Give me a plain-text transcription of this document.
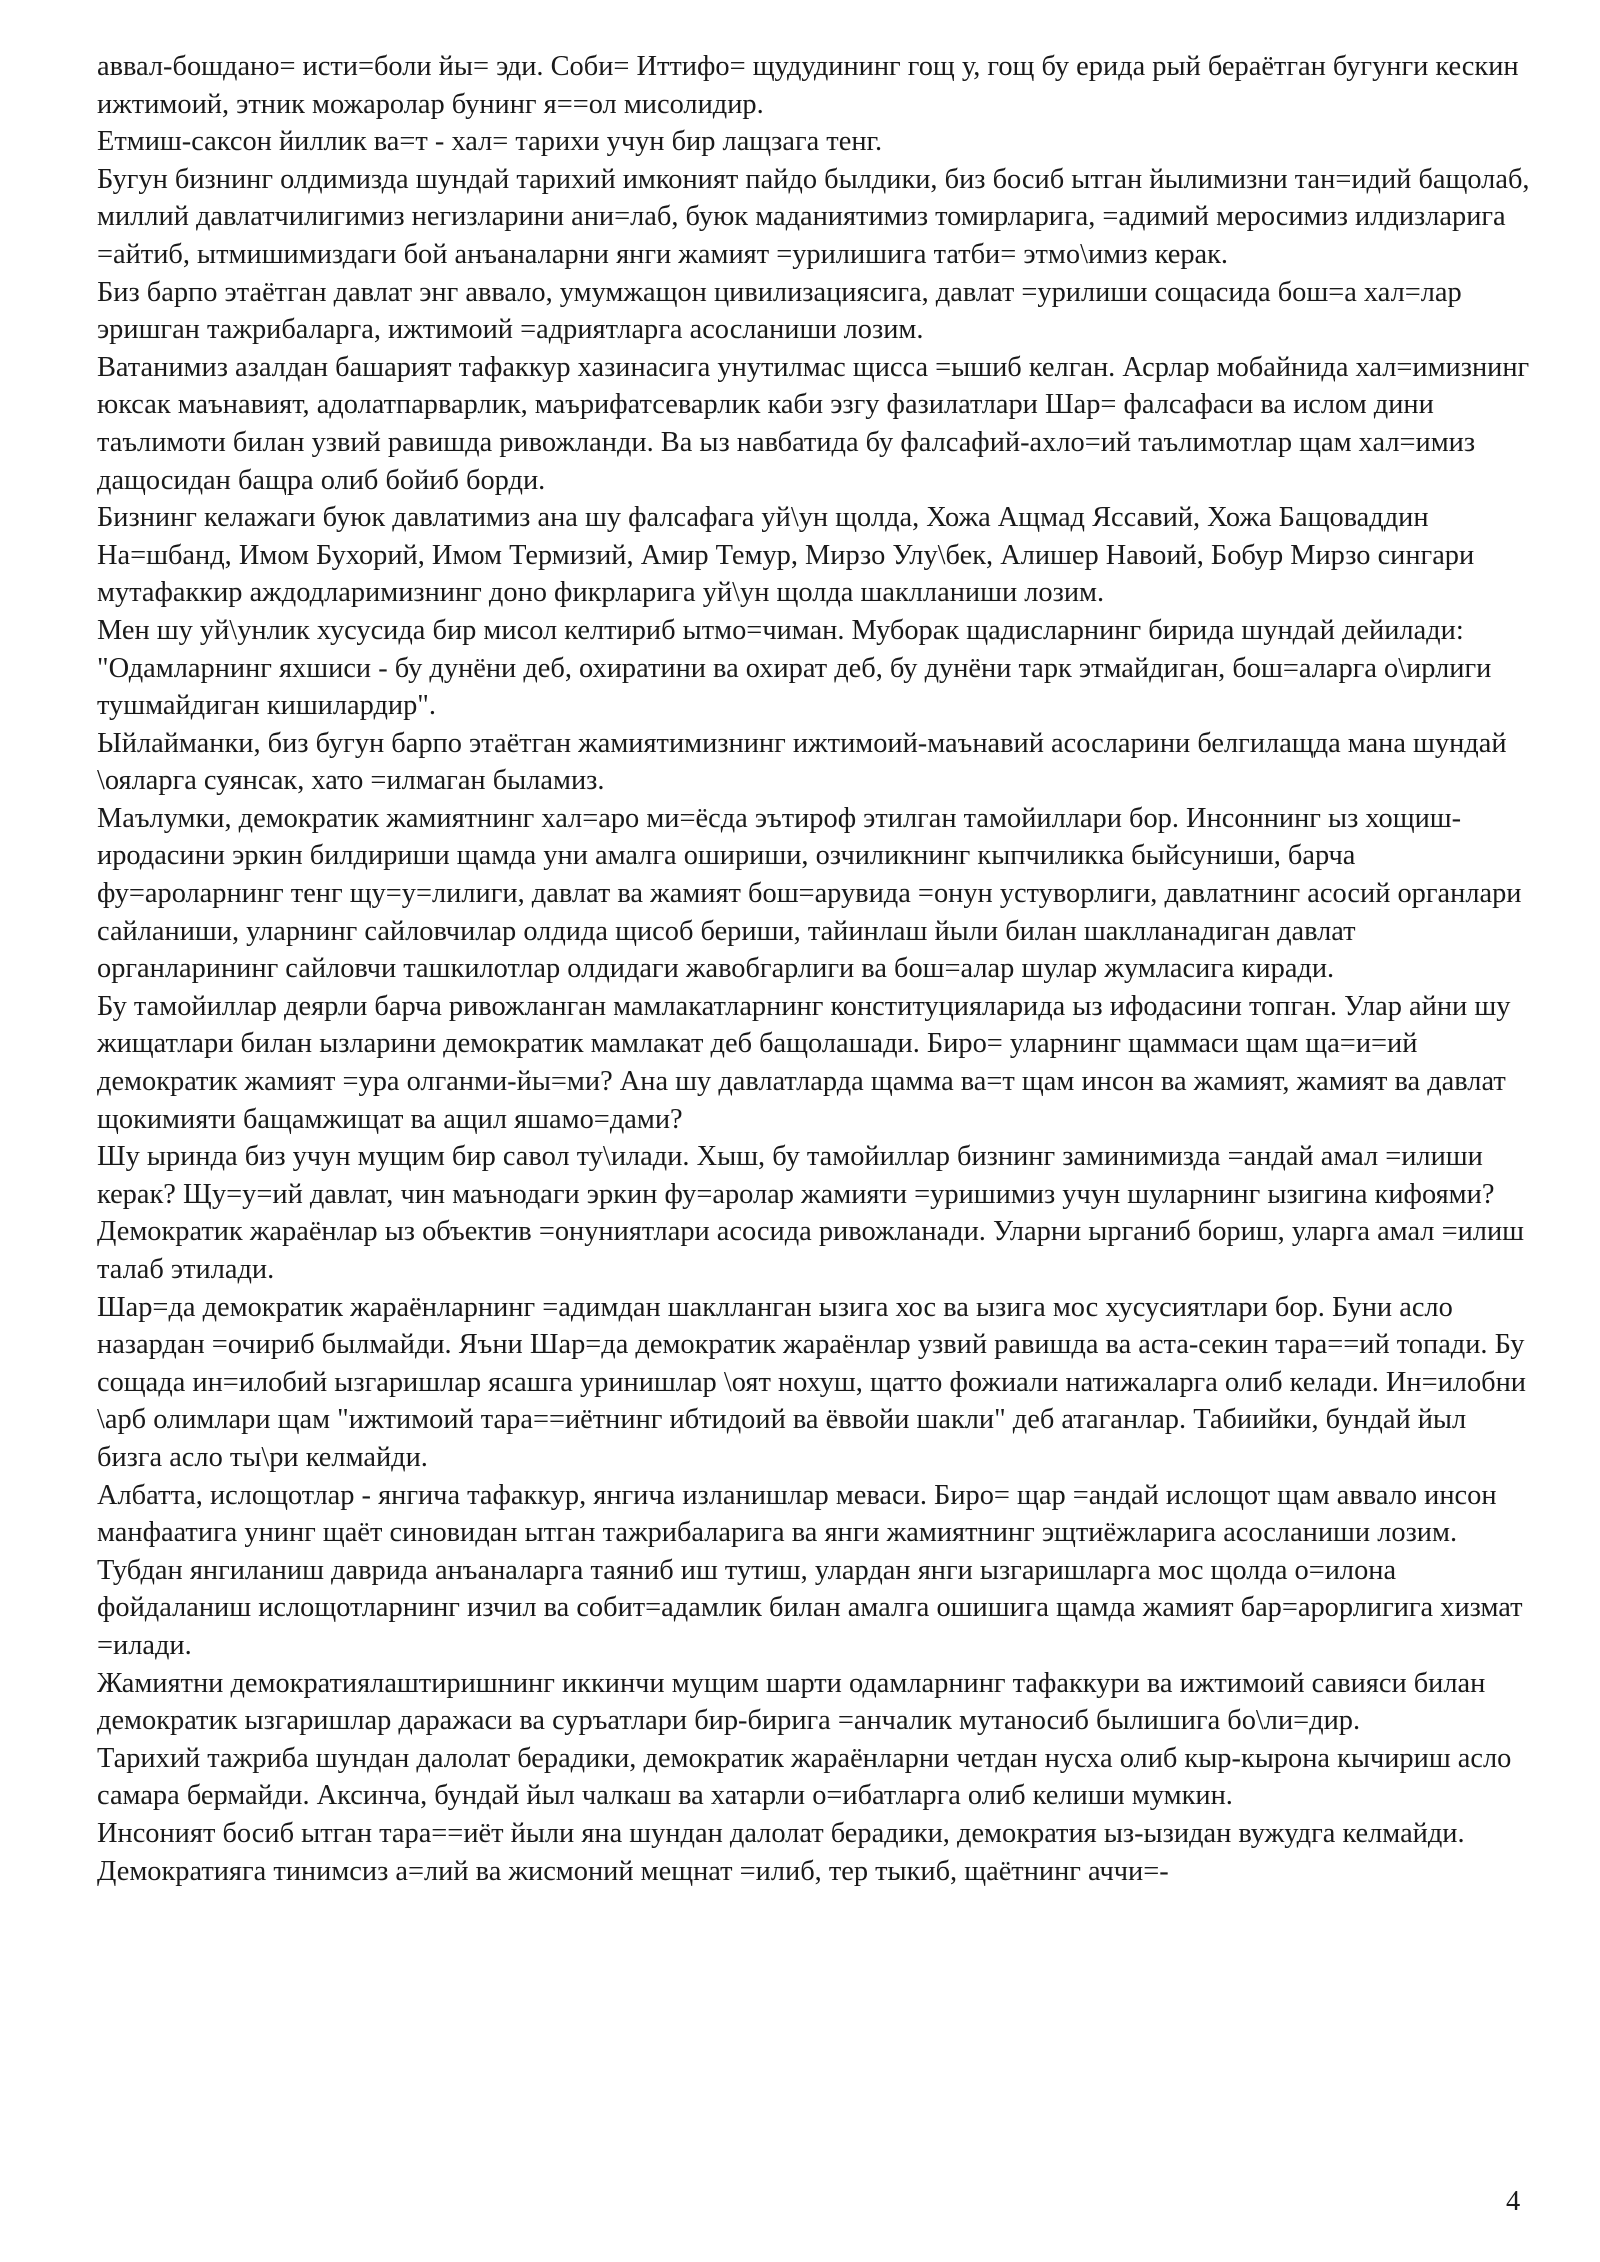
аввал-бошдано= исти=боли йы= эди. Соби= Иттифо= щудудининг гощ у, гощ бу ерида рый бераётган бугунги кескин ижтимоий, этник можаролар бунинг я==ол мисолидир.

Етмиш-саксон йиллик ва=т - хал= тарихи учун бир лащзага тенг.

Бугун бизнинг олдимизда шундай тарихий имконият пайдо былдики, биз босиб ытган йылимизни тан=идий бащолаб, миллий давлатчилигимиз негизларини ани=лаб, буюк маданиятимиз томирларига, =адимий меросимиз илдизларига =айтиб, ытмишимиздаги бой анъаналарни янги жамият =урилишига татби= этмо\имиз керак.

Биз барпо этаётган давлат энг аввало, умумжащон цивилизациясига, давлат =урилиши сощасида бош=а хал=лар эришган тажрибаларга, ижтимоий =адриятларга асосланиши лозим.

Ватанимиз азалдан башарият тафаккур хазинасига унутилмас щисса =ышиб келган. Асрлар мобайнида хал=имизнинг юксак маънавият, адолатпарварлик, маърифатсеварлик каби эзгу фазилатлари Шар= фалсафаси ва ислом дини таълимоти билан узвий равишда ривожланди. Ва ыз навбатида бу фалсафий-ахло=ий таълимотлар щам хал=имиз дащосидан бащра олиб бойиб борди.

Бизнинг келажаги буюк давлатимиз ана шу фалсафага уй\ун щолда, Хожа Ащмад Яссавий, Хожа Бащоваддин На=шбанд, Имом Бухорий, Имом Термизий, Амир Темур, Мирзо Улу\бек, Алишер Навоий, Бобур Мирзо сингари мутафаккир аждодларимизнинг доно фикрларига уй\ун щолда шаклланиши лозим.

Мен шу уй\унлик хусусида бир мисол келтириб ытмо=чиман. Муборак щадисларнинг бирида шундай дейилади: "Одамларнинг яхшиси - бу дунёни деб, охиратини ва охират деб, бу дунёни тарк этмайдиган, бош=аларга о\ирлиги тушмайдиган кишилардир".

Ыйлайманки, биз бугун барпо этаётган жамиятимизнинг ижтимоий-маънавий асосларини белгилащда мана шундай \ояларга суянсак, хато =илмаган быламиз.

Маълумки, демократик жамиятнинг хал=аро ми=ёсда эътироф этилган тамойиллари бор. Инсоннинг ыз хощиш-иродасини эркин билдириши щамда уни амалга ошириши, озчиликнинг кыпчиликка быйсуниши, барча фу=ароларнинг тенг щу=у=лилиги, давлат ва жамият бош=арувида =онун устуворлиги, давлатнинг асосий органлари сайланиши, уларнинг сайловчилар олдида щисоб бериши, тайинлаш йыли билан шаклланадиган давлат органларининг сайловчи ташкилотлар олдидаги жавобгарлиги ва бош=алар шулар жумласига киради.

Бу тамойиллар деярли барча ривожланган мамлакатларнинг конституцияларида ыз ифодасини топган. Улар айни шу жищатлари билан ызларини демократик мамлакат деб бащолашади. Биро= уларнинг щаммаси щам ща=и=ий демократик жамият =ура олганми-йы=ми? Ана шу давлатларда щамма ва=т щам инсон ва жамият, жамият ва давлат щокимияти бащамжищат ва ащил яшамо=дами?

Шу ыринда биз учун мущим бир савол ту\илади. Хыш, бу тамойиллар бизнинг заминимизда =андай амал =илиши керак? Щу=у=ий давлат, чин маънодаги эркин фу=аролар жамияти =уришимиз учун шуларнинг ызигина кифоями?

Демократик жараёнлар ыз объектив =онуниятлари асосида ривожланади. Уларни ырганиб бориш, уларга амал =илиш талаб этилади.

Шар=да демократик жараёнларнинг =адимдан шаклланган ызига хос ва ызига мос хусусиятлари бор. Буни асло назардан =очириб былмайди. Яъни Шар=да демократик жараёнлар узвий равишда ва аста-секин тара==ий топади. Бу сощада ин=илобий ызгаришлар ясашга уринишлар \оят нохуш, щатто фожиали натижаларга олиб келади. Ин=илобни \арб олимлари щам "ижтимоий тара==иётнинг ибтидоий ва ёввойи шакли" деб атаганлар. Табиийки, бундай йыл бизга асло ты\ри келмайди.

Албатта, ислощотлар - янгича тафаккур, янгича изланишлар меваси. Биро= щар =андай ислощот щам аввало инсон манфаатига унинг щаёт синовидан ытган тажрибаларига ва янги жамиятнинг эщтиёжларига асосланиши лозим.

Тубдан янгиланиш даврида анъаналарга таяниб иш тутиш, улардан янги ызгаришларга мос щолда о=илона фойдаланиш ислощотларнинг изчил ва собит=адамлик билан амалга ошишига щамда жамият бар=арорлигига хизмат =илади.

Жамиятни демократиялаштиришнинг иккинчи мущим шарти одамларнинг тафаккури ва ижтимоий савияси билан демократик ызгаришлар даражаси ва суръатлари бир-бирига =анчалик мутаносиб былишига бо\ли=дир.

Тарихий тажриба шундан далолат берадики, демократик жараёнларни четдан нусха олиб кыр-кырона кычириш асло самара бермайди. Аксинча, бундай йыл чалкаш ва хатарли о=ибатларга олиб келиши мумкин.

Инсоният босиб ытган тара==иёт йыли яна шундан далолат берадики, демократия ыз-ызидан вужудга келмайди. Демократияга тинимсиз а=лий ва жисмоний мещнат =илиб, тер тыкиб, щаётнинг аччи=-

4
